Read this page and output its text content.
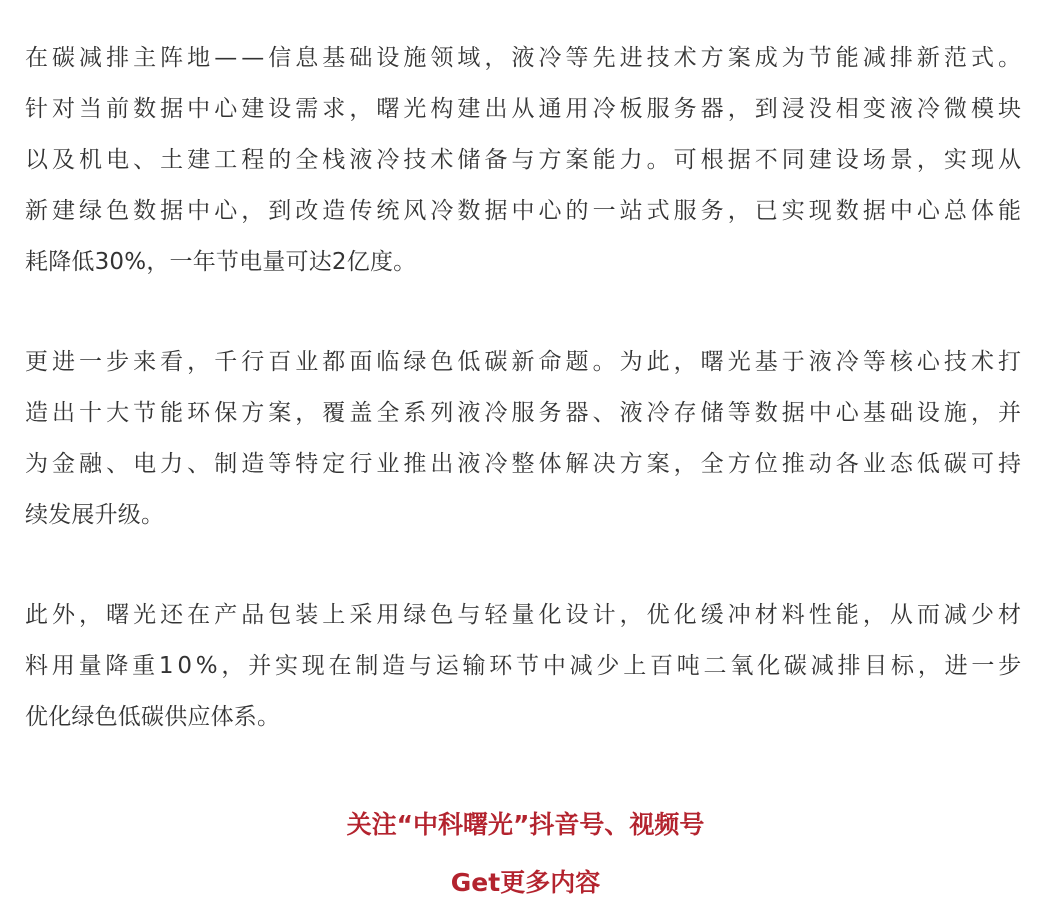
在碳减排主阵地——信息基础设施领域，液冷等先进技术方案成为节能减排新范式。
针对当前数据中心建设需求，曙光构建出从通用冷板服务器，到浸没相变液冷微模块
以及机电、土建工程的全栈液冷技术储备与方案能力。可根据不同建设场景，实现从
新建绿色数据中心，到改造传统风冷数据中心的一站式服务，已实现数据中心总体能
耗降低30%，一年节电量可达2亿度。

更进一步来看，千行百业都面临绿色低碳新命题。为此，曙光基于液冷等核心技术打
造出十大节能环保方案，覆盖全系列液冷服务器、液冷存储等数据中心基础设施，并
为金融、电力、制造等特定行业推出液冷整体解决方案，全方位推动各业态低碳可持
续发展升级。

此外，曙光还在产品包装上采用绿色与轻量化设计，优化缓冲材料性能，从而减少材
料用量降重10%，并实现在制造与运输环节中减少上百吨二氧化碳减排目标，进一步
优化绿色低碳供应体系。

关注“中科曙光”抖音号、视频号
Get更多内容
